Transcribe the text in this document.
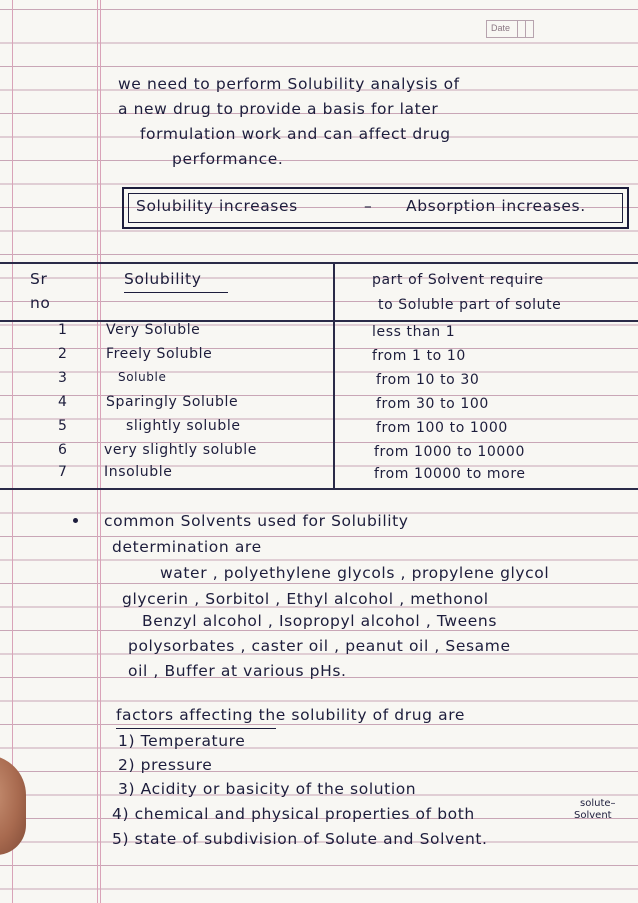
Date
we need to perform Solubility analysis of
a new drug to provide a basis for later
formulation work and can affect drug
performance.
Solubility increases	– Absorption increases.
Sr
no
Solubility	part of Solvent require
to Soluble part of solute
1	Very Soluble	less than 1
2	Freely Soluble	from 1 to 10
3	Soluble	from 10 to 30
4	Sparingly Soluble	from 30 to 100
5	slightly soluble	from 100 to 1000
6	very slightly soluble	from 1000 to 10000
7	Insoluble	from 10000 to more
common Solvents used for Solubility
determination are
water , polyethylene glycols , propylene glycol
glycerin , Sorbitol , Ethyl alcohol , methonol
Benzyl alcohol , Isopropyl alcohol , Tweens
polysorbates , caster oil , peanut oil , Sesame
oil , Buffer at various pHs.
factors affecting the solubility of drug are
1) Temperature
2) pressure
3) Acidity or basicity of the solution
4) chemical and physical properties of both
solute–
Solvent
5) state of subdivision of Solute and Solvent.
